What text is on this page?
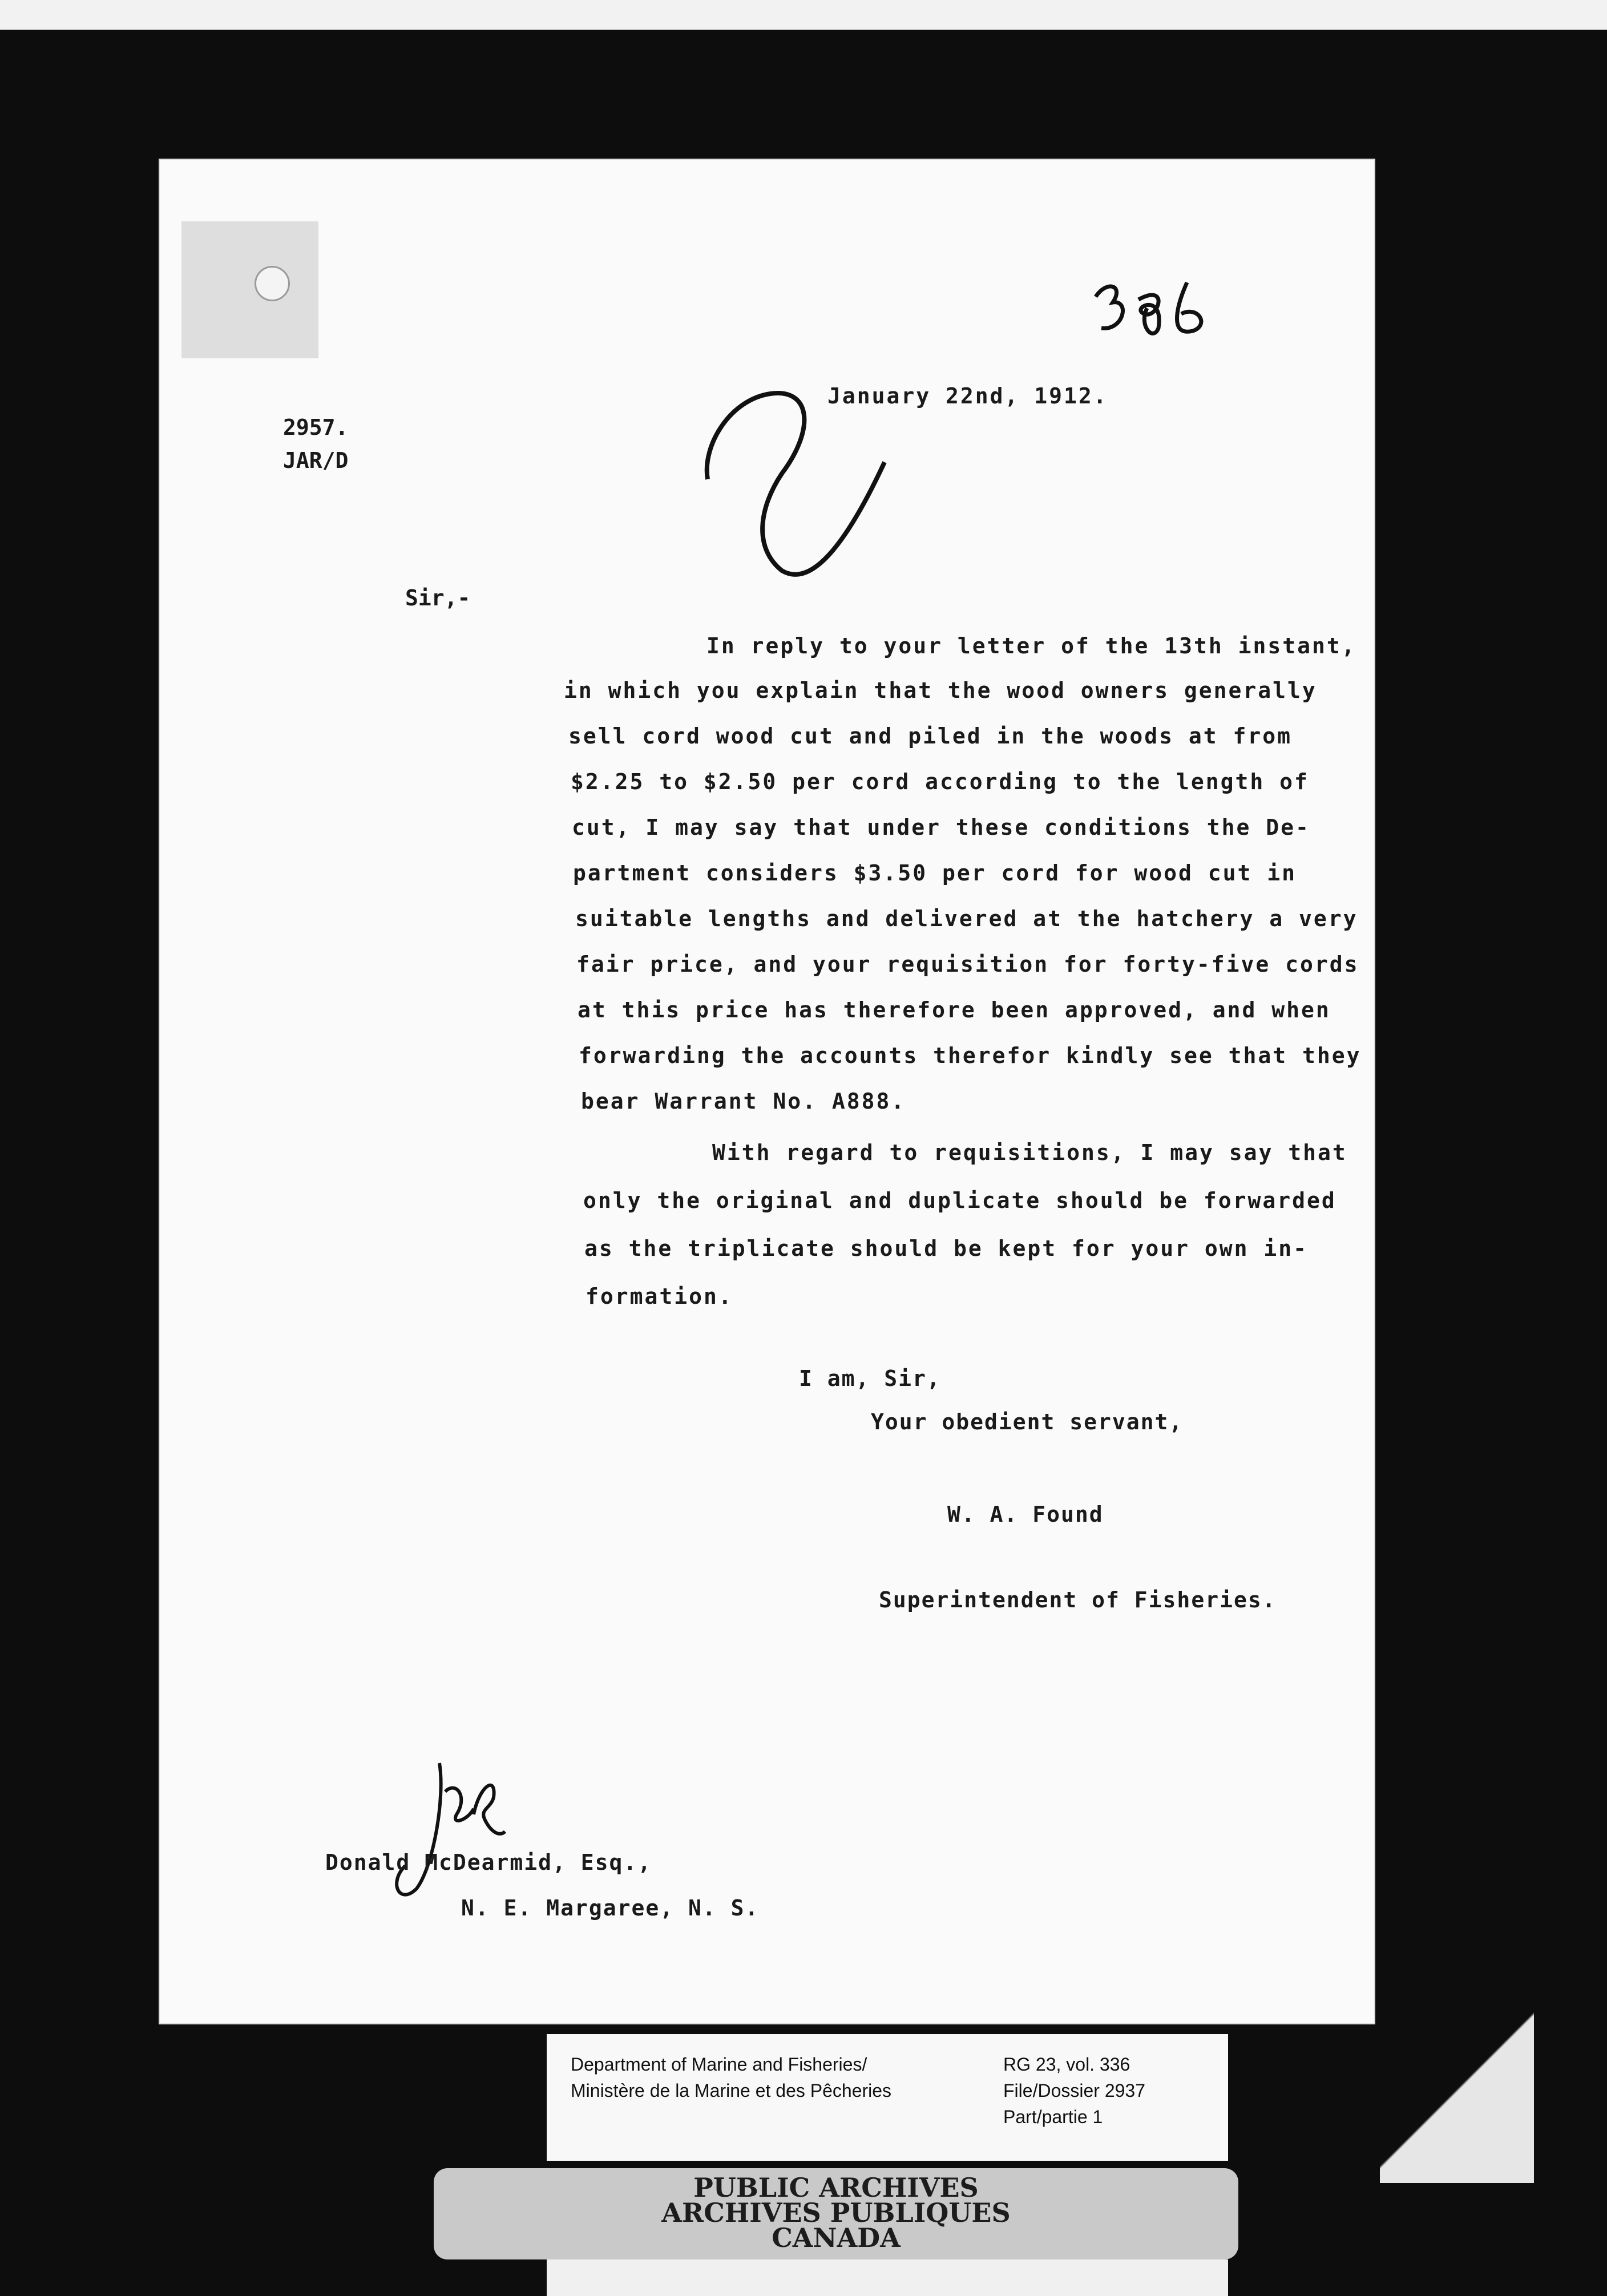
2957.
JAR/D
January 22nd, 1912.
Sir,-
In reply to your letter of the 13th instant,
in which you explain that the wood owners generally
sell cord wood cut and piled in the woods at from
$2.25 to $2.50 per cord according to the length of
cut, I may say that under these conditions the De-
partment considers $3.50 per cord for wood cut in
suitable lengths and delivered at the hatchery a very
fair price, and your requisition for forty-five cords
at this price has therefore been approved, and when
forwarding the accounts therefor kindly see that they
bear Warrant No. A888.
With regard to requisitions, I may say that
only the original and duplicate should be forwarded
as the triplicate should be kept for your own in-
formation.
I am, Sir,
Your obedient servant,
W. A. Found
Superintendent of Fisheries.
Donald McDearmid, Esq.,
N. E. Margaree, N. S.
Department of Marine and Fisheries/
Ministère de la Marine et des Pêcheries
RG 23, vol. 336
File/Dossier 2937
Part/partie 1
PUBLIC ARCHIVES
ARCHIVES PUBLIQUES
CANADA
